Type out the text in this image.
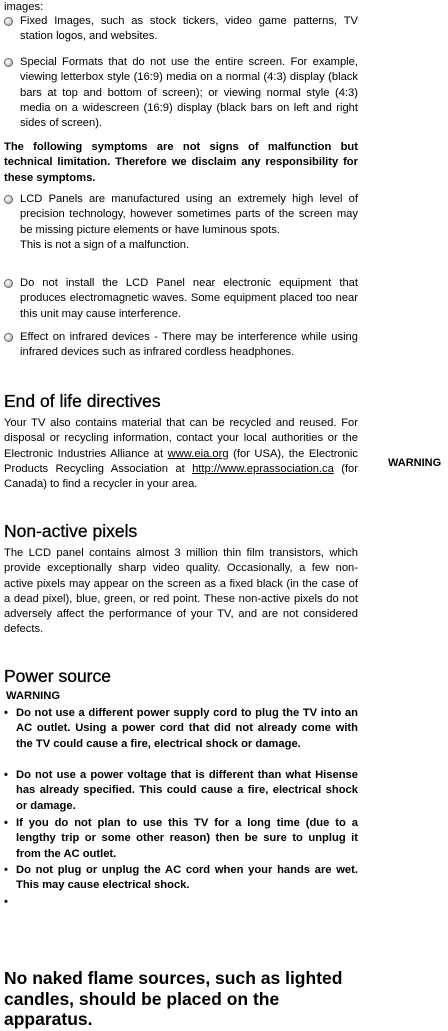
images:
Fixed Images, such as stock tickers, video game patterns, TV station logos, and websites.
Special Formats that do not use the entire screen. For example, viewing letterbox style (16:9) media on a normal (4:3) display (black bars at top and bottom of screen); or viewing normal style (4:3) media on a widescreen (16:9) display (black bars on left and right sides of screen).
The following symptoms are not signs of malfunction but technical limitation. Therefore we disclaim any responsibility for these symptoms.
LCD Panels are manufactured using an extremely high level of precision technology, however sometimes parts of the screen may be missing picture elements or have luminous spots.
This is not a sign of a malfunction.
Do not install the LCD Panel near electronic equipment that produces electromagnetic waves. Some equipment placed too near this unit may cause interference.
Effect on infrared devices - There may be interference while using infrared devices such as infrared cordless headphones.
End of life directives

Your TV also contains material that can be recycled and reused. For disposal or recycling information, contact your local authorities or the Electronic Industries Alliance at www.eia.org (for USA), the Electronic Products Recycling Association at http://www.eprassociation.ca (for Canada) to find a recycler in your area.

WARNING
Non-active pixels

The LCD panel contains almost 3 million thin film transistors, which provide exceptionally sharp video quality. Occasionally, a few non-active pixels may appear on the screen as a fixed black (in the case of a dead pixel), blue, green, or red point. These non-active pixels do not adversely affect the performance of your TV, and are not considered defects.

Power source
WARNING
• Do not use a different power supply cord to plug the TV into an AC outlet. Using a power cord that did not already come with the TV could cause a fire, electrical shock or damage.
• Do not use a power voltage that is different than what Hisense has already specified. This could cause a fire, electrical shock or damage.
• If you do not plan to use this TV for a long time (due to a lengthy trip or some other reason) then be sure to unplug it from the AC outlet.
• Do not plug or unplug the AC cord when your hands are wet. This may cause electrical shock.
•
No naked flame sources, such as lighted candles, should be placed on the apparatus.
